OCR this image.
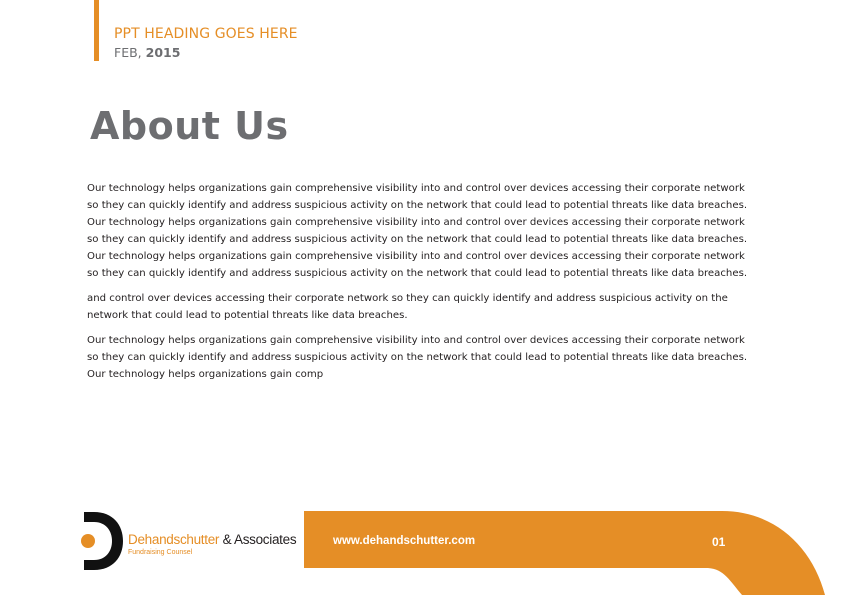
PPT HEADING GOES HERE
FEB, 2015
About Us

Our technology helps organizations gain comprehensive visibility into and control over devices accessing their corporate network so they can quickly identify and address suspicious activity on the network that could lead to potential threats like data breaches. Our technology helps organizations gain comprehensive visibility into and control over devices accessing their corporate network so they can quickly identify and address suspicious activity on the network that could lead to potential threats like data breaches. Our technology helps organizations gain comprehensive visibility into and control over devices accessing their corporate network so they can quickly identify and address suspicious activity on the network that could lead to potential threats like data breaches.

and control over devices accessing their corporate network so they can quickly identify and address suspicious activity on the network that could lead to potential threats like data breaches.

Our technology helps organizations gain comprehensive visibility into and control over devices accessing their corporate network so they can quickly identify and address suspicious activity on the network that could lead to potential threats like data breaches. Our technology helps organizations gain comp

Dehandschutter & Associates
Fundraising Counsel
www.dehandschutter.com	01
